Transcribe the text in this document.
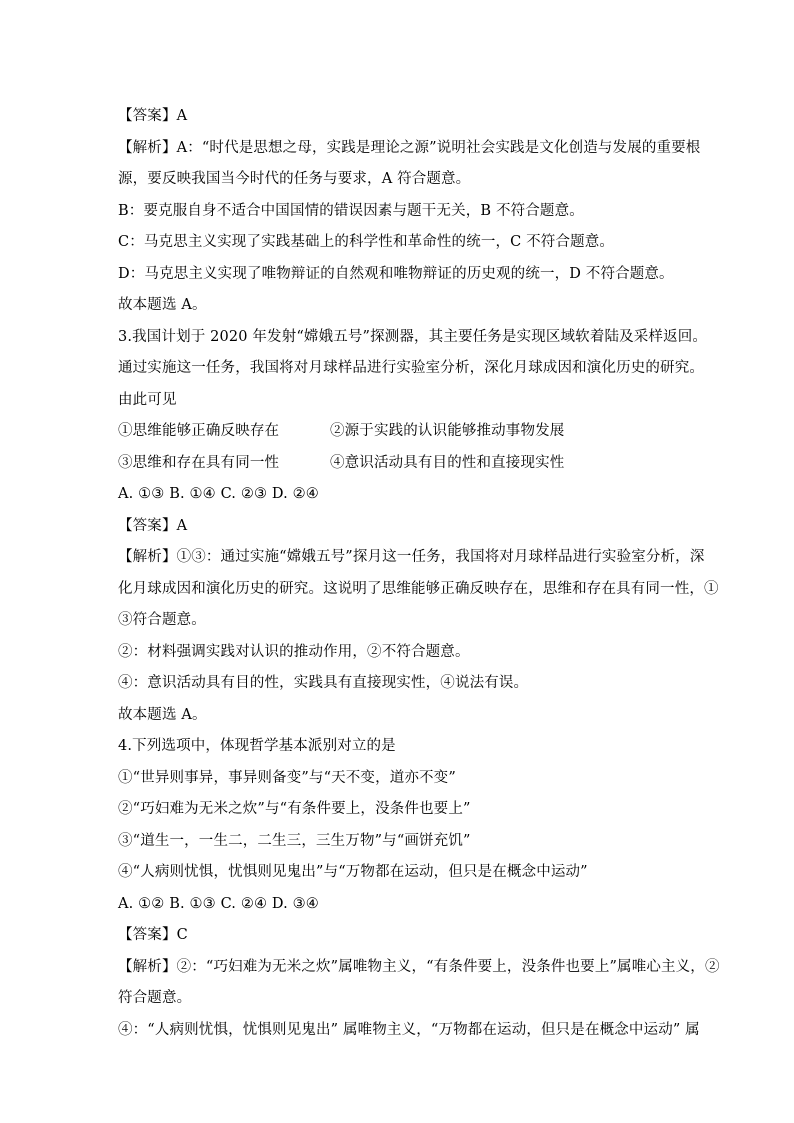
【答案】A
【解析】A：“时代是思想之母，实践是理论之源”说明社会实践是文化创造与发展的重要根
源，要反映我国当今时代的任务与要求，A 符合题意。
B：要克服自身不适合中国国情的错误因素与题干无关，B 不符合题意。
C：马克思主义实现了实践基础上的科学性和革命性的统一，C 不符合题意。
D：马克思主义实现了唯物辩证的自然观和唯物辩证的历史观的统一，D 不符合题意。
故本题选 A。
3.我国计划于 2020 年发射“嫦娥五号”探测器，其主要任务是实现区域软着陆及采样返回。
通过实施这一任务，我国将对月球样品进行实验室分析，深化月球成因和演化历史的研究。
由此可见
①思维能够正确反映存在	②源于实践的认识能够推动事物发展
③思维和存在具有同一性	④意识活动具有目的性和直接现实性
A. ①③ B. ①④ C. ②③ D. ②④
【答案】A
【解析】①③：通过实施“嫦娥五号”探月这一任务，我国将对月球样品进行实验室分析，深
化月球成因和演化历史的研究。这说明了思维能够正确反映存在，思维和存在具有同一性，①
③符合题意。
②：材料强调实践对认识的推动作用，②不符合题意。
④：意识活动具有目的性，实践具有直接现实性，④说法有误。
故本题选 A。
4.下列选项中，体现哲学基本派别对立的是
①“世异则事异，事异则备变”与“天不变，道亦不变”
②“巧妇难为无米之炊”与“有条件要上，没条件也要上”
③“道生一，一生二，二生三，三生万物”与“画饼充饥”
④“人病则忧惧，忧惧则见鬼出”与“万物都在运动，但只是在概念中运动”
A. ①② B. ①③ C. ②④ D. ③④
【答案】C
【解析】②：“巧妇难为无米之炊”属唯物主义，“有条件要上，没条件也要上”属唯心主义，②
符合题意。
④：“人病则忧惧，忧惧则见鬼出” 属唯物主义，“万物都在运动，但只是在概念中运动” 属
